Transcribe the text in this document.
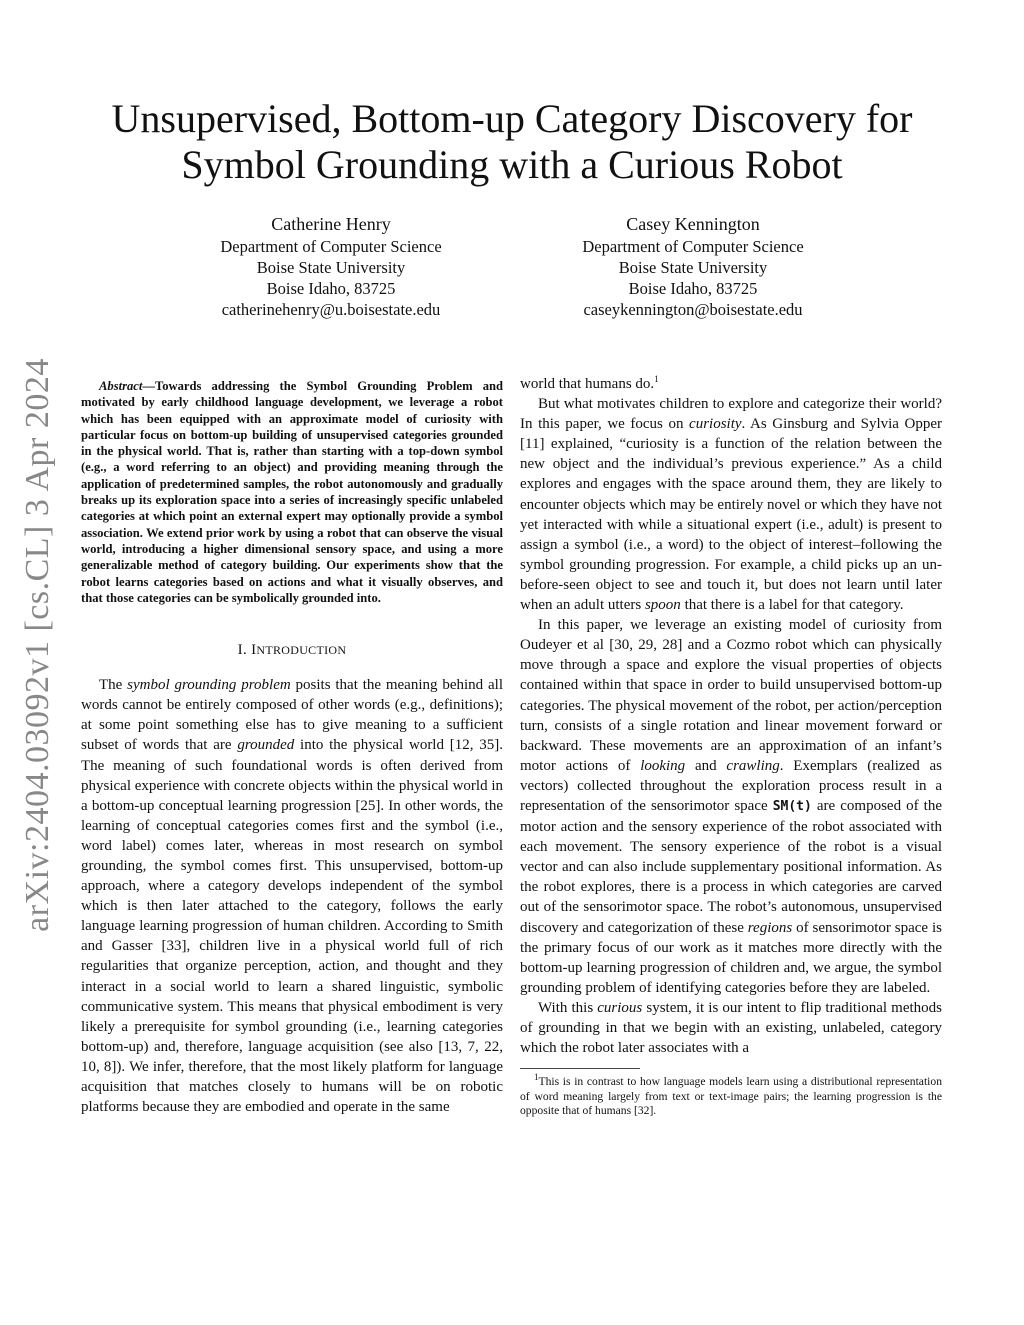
Unsupervised, Bottom-up Category Discovery for
Symbol Grounding with a Curious Robot
Catherine Henry
Department of Computer Science
Boise State University
Boise Idaho, 83725
catherinehenry@u.boisestate.edu
Casey Kennington
Department of Computer Science
Boise State University
Boise Idaho, 83725
caseykennington@boisestate.edu
arXiv:2404.03092v1 [cs.CL] 3 Apr 2024	Abstract—Towards addressing the Symbol Grounding Problem and motivated by early childhood language development, we leverage a robot which has been equipped with an approximate model of curiosity with particular focus on bottom-up building of unsupervised categories grounded in the physical world. That is, rather than starting with a top-down symbol (e.g., a word referring to an object) and providing meaning through the application of predetermined samples, the robot autonomously and gradually breaks up its exploration space into a series of increasingly specific unlabeled categories at which point an external expert may optionally provide a symbol association. We extend prior work by using a robot that can observe the visual world, introducing a higher dimensional sensory space, and using a more generalizable method of category building. Our experiments show that the robot learns categories based on actions and what it visually observes, and that those categories can be symbolically grounded into.

I. INTRODUCTION

The symbol grounding problem posits that the meaning behind all words cannot be entirely composed of other words (e.g., definitions); at some point something else has to give meaning to a sufficient subset of words that are grounded into the physical world [12, 35]. The meaning of such foundational words is often derived from physical experience with concrete objects within the physical world in a bottom-up conceptual learning progression [25]. In other words, the learning of conceptual categories comes first and the symbol (i.e., word label) comes later, whereas in most research on symbol grounding, the symbol comes first. This unsupervised, bottom-up approach, where a category develops independent of the symbol which is then later attached to the category, follows the early language learning progression of human children. According to Smith and Gasser [33], children live in a physical world full of rich regularities that organize perception, action, and thought and they interact in a social world to learn a shared linguistic, symbolic communicative system. This means that physical embodiment is very likely a prerequisite for symbol grounding (i.e., learning categories bottom-up) and, therefore, language acquisition (see also [13, 7, 22, 10, 8]). We infer, therefore, that the most likely platform for language acquisition that matches closely to humans will be on robotic platforms because they are embodied and operate in the same

world that humans do.$^1$

But what motivates children to explore and categorize their world? In this paper, we focus on curiosity. As Ginsburg and Sylvia Opper [11] explained, “curiosity is a function of the relation between the new object and the individual’s previous experience.” As a child explores and engages with the space around them, they are likely to encounter objects which may be entirely novel or which they have not yet interacted with while a situational expert (i.e., adult) is present to assign a symbol (i.e., a word) to the object of interest–following the symbol grounding progression. For example, a child picks up an un-before-seen object to see and touch it, but does not learn until later when an adult utters spoon that there is a label for that category.

In this paper, we leverage an existing model of curiosity from Oudeyer et al [30, 29, 28] and a Cozmo robot which can physically move through a space and explore the visual properties of objects contained within that space in order to build unsupervised bottom-up categories. The physical movement of the robot, per action/perception turn, consists of a single rotation and linear movement forward or backward. These movements are an approximation of an infant’s motor actions of looking and crawling. Exemplars (realized as vectors) collected throughout the exploration process result in a representation of the sensorimotor space SM(t) are composed of the motor action and the sensory experience of the robot associated with each movement. The sensory experience of the robot is a visual vector and can also include supplementary positional information. As the robot explores, there is a process in which categories are carved out of the sensorimotor space. The robot’s autonomous, unsupervised discovery and categorization of these regions of sensorimotor space is the primary focus of our work as it matches more directly with the bottom-up learning progression of children and, we argue, the symbol grounding problem of identifying categories before they are labeled.

With this curious system, it is our intent to flip traditional methods of grounding in that we begin with an existing, unlabeled, category which the robot later associates with a

$^1$This is in contrast to how language models learn using a distributional representation of word meaning largely from text or text-image pairs; the learning progression is the opposite that of humans [32].
